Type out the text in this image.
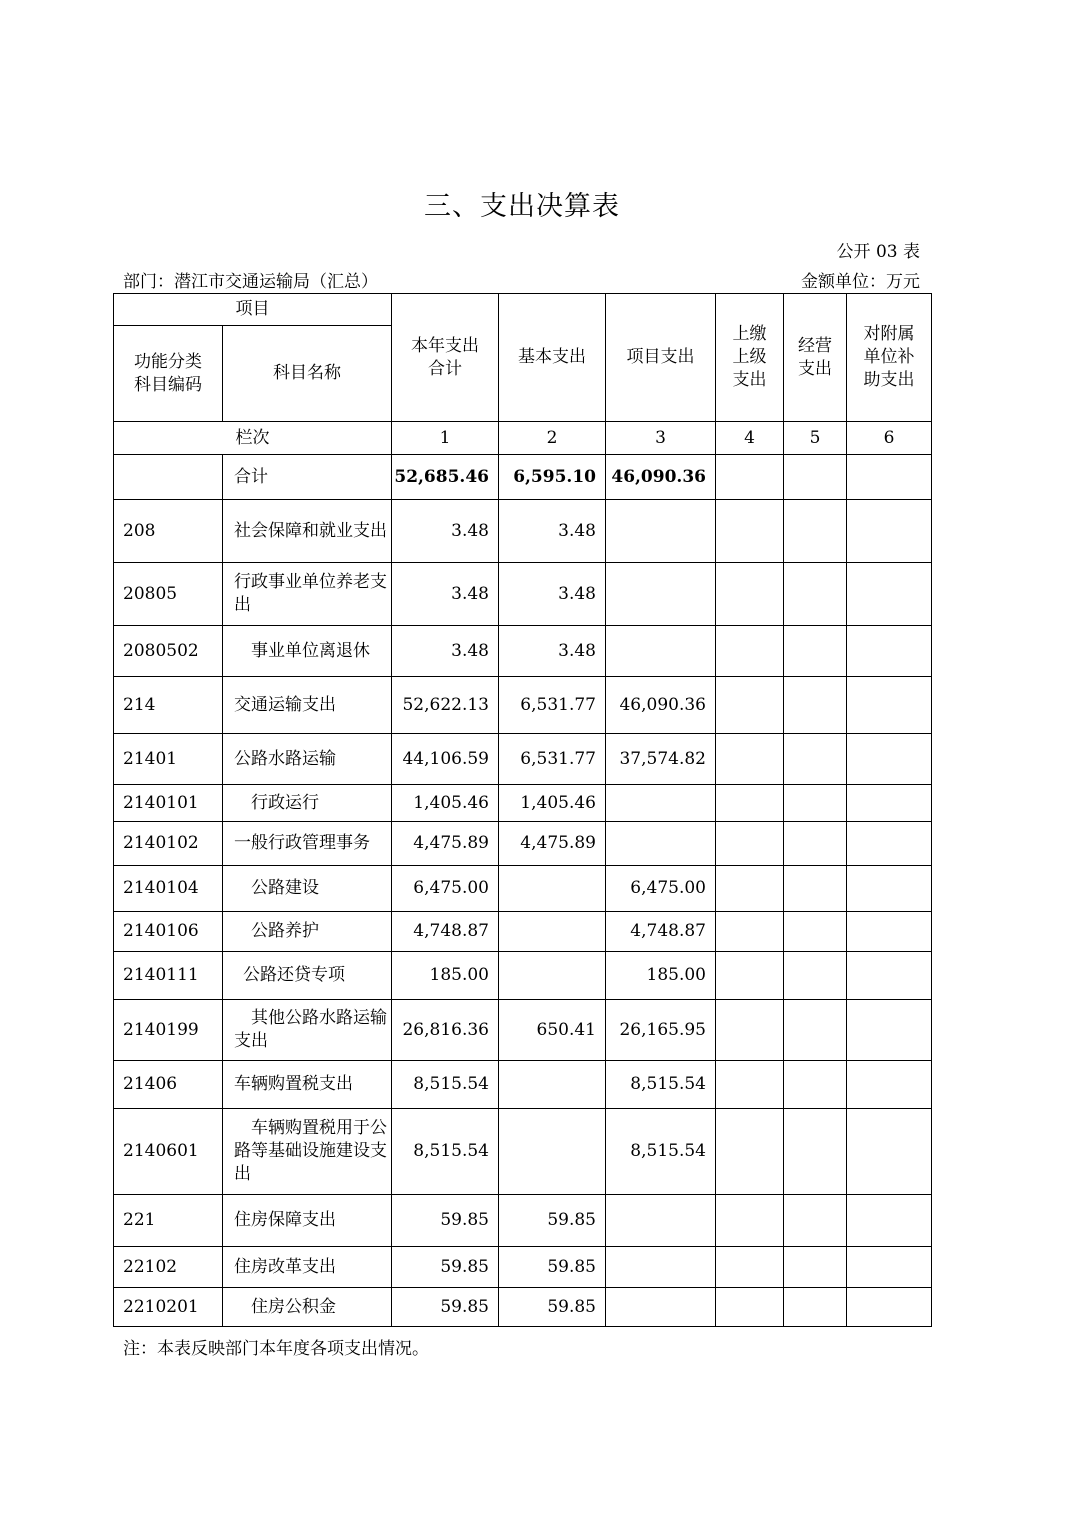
三、支出决算表
公开 03 表
部门：潜江市交通运输局（汇总）	金额单位：万元
项目		本年支出合计	基本支出	项目支出	上缴上级支出	经营支出	对附属单位补助支出

功能分类科目编码	科目名称						
栏次		1	2	3	4	5	6
	合计	52,685.46	6,595.10	46,090.36			
208	社会保障和就业支出	3.48	3.48				
20805	行政事业单位养老支出	3.48	3.48				
2080502	事业单位离退休	3.48	3.48				
214	交通运输支出	52,622.13	6,531.77	46,090.36			
21401	公路水路运输	44,106.59	6,531.77	37,574.82			
2140101	行政运行	1,405.46	1,405.46				
2140102	一般行政管理事务	4,475.89	4,475.89				
2140104	公路建设	6,475.00		6,475.00			
2140106	公路养护	4,748.87		4,748.87			
2140111	公路还贷专项	185.00		185.00			
2140199	其他公路水路运输支出	26,816.36	650.41	26,165.95			
21406	车辆购置税支出	8,515.54		8,515.54			
2140601	车辆购置税用于公路等基础设施建设支出	8,515.54		8,515.54			
221	住房保障支出	59.85	59.85				
22102	住房改革支出	59.85	59.85				
2210201	住房公积金	59.85	59.85				
注：本表反映部门本年度各项支出情况。
